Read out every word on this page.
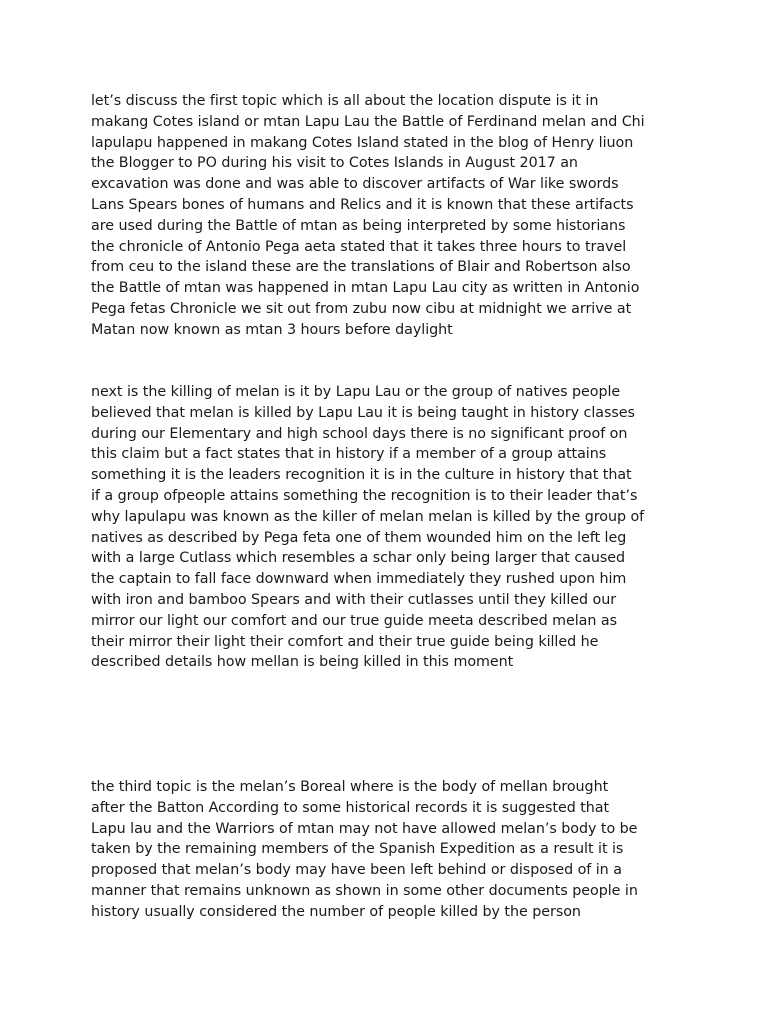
let’s discuss the first topic which is all about the location dispute is it in
makang Cotes island or mtan Lapu Lau the Battle of Ferdinand melan and Chi
lapulapu happened in makang Cotes Island stated in the blog of Henry liuon
the Blogger to PO during his visit to Cotes Islands in August 2017 an
excavation was done and was able to discover artifacts of War like swords
Lans Spears bones of humans and Relics and it is known that these artifacts
are used during the Battle of mtan as being interpreted by some historians
the chronicle of Antonio Pega aeta stated that it takes three hours to travel
from ceu to the island these are the translations of Blair and Robertson also
the Battle of mtan was happened in mtan Lapu Lau city as written in Antonio
Pega fetas Chronicle we sit out from zubu now cibu at midnight we arrive at
Matan now known as mtan 3 hours before daylight

next is the killing of melan is it by Lapu Lau or the group of natives people
believed that melan is killed by Lapu Lau it is being taught in history classes
during our Elementary and high school days there is no significant proof on
this claim but a fact states that in history if a member of a group attains
something it is the leaders recognition it is in the culture in history that that
if a group ofpeople attains something the recognition is to their leader that’s
why lapulapu was known as the killer of melan melan is killed by the group of
natives as described by Pega feta one of them wounded him on the left leg
with a large Cutlass which resembles a schar only being larger that caused
the captain to fall face downward when immediately they rushed upon him
with iron and bamboo Spears and with their cutlasses until they killed our
mirror our light our comfort and our true guide meeta described melan as
their mirror their light their comfort and their true guide being killed he
described details how mellan is being killed in this moment

the third topic is the melan’s Boreal where is the body of mellan brought
after the Batton According to some historical records it is suggested that
Lapu lau and the Warriors of mtan may not have allowed melan’s body to be
taken by the remaining members of the Spanish Expedition as a result it is
proposed that melan’s body may have been left behind or disposed of in a
manner that remains unknown as shown in some other documents people in
history usually considered the number of people killed by the person
